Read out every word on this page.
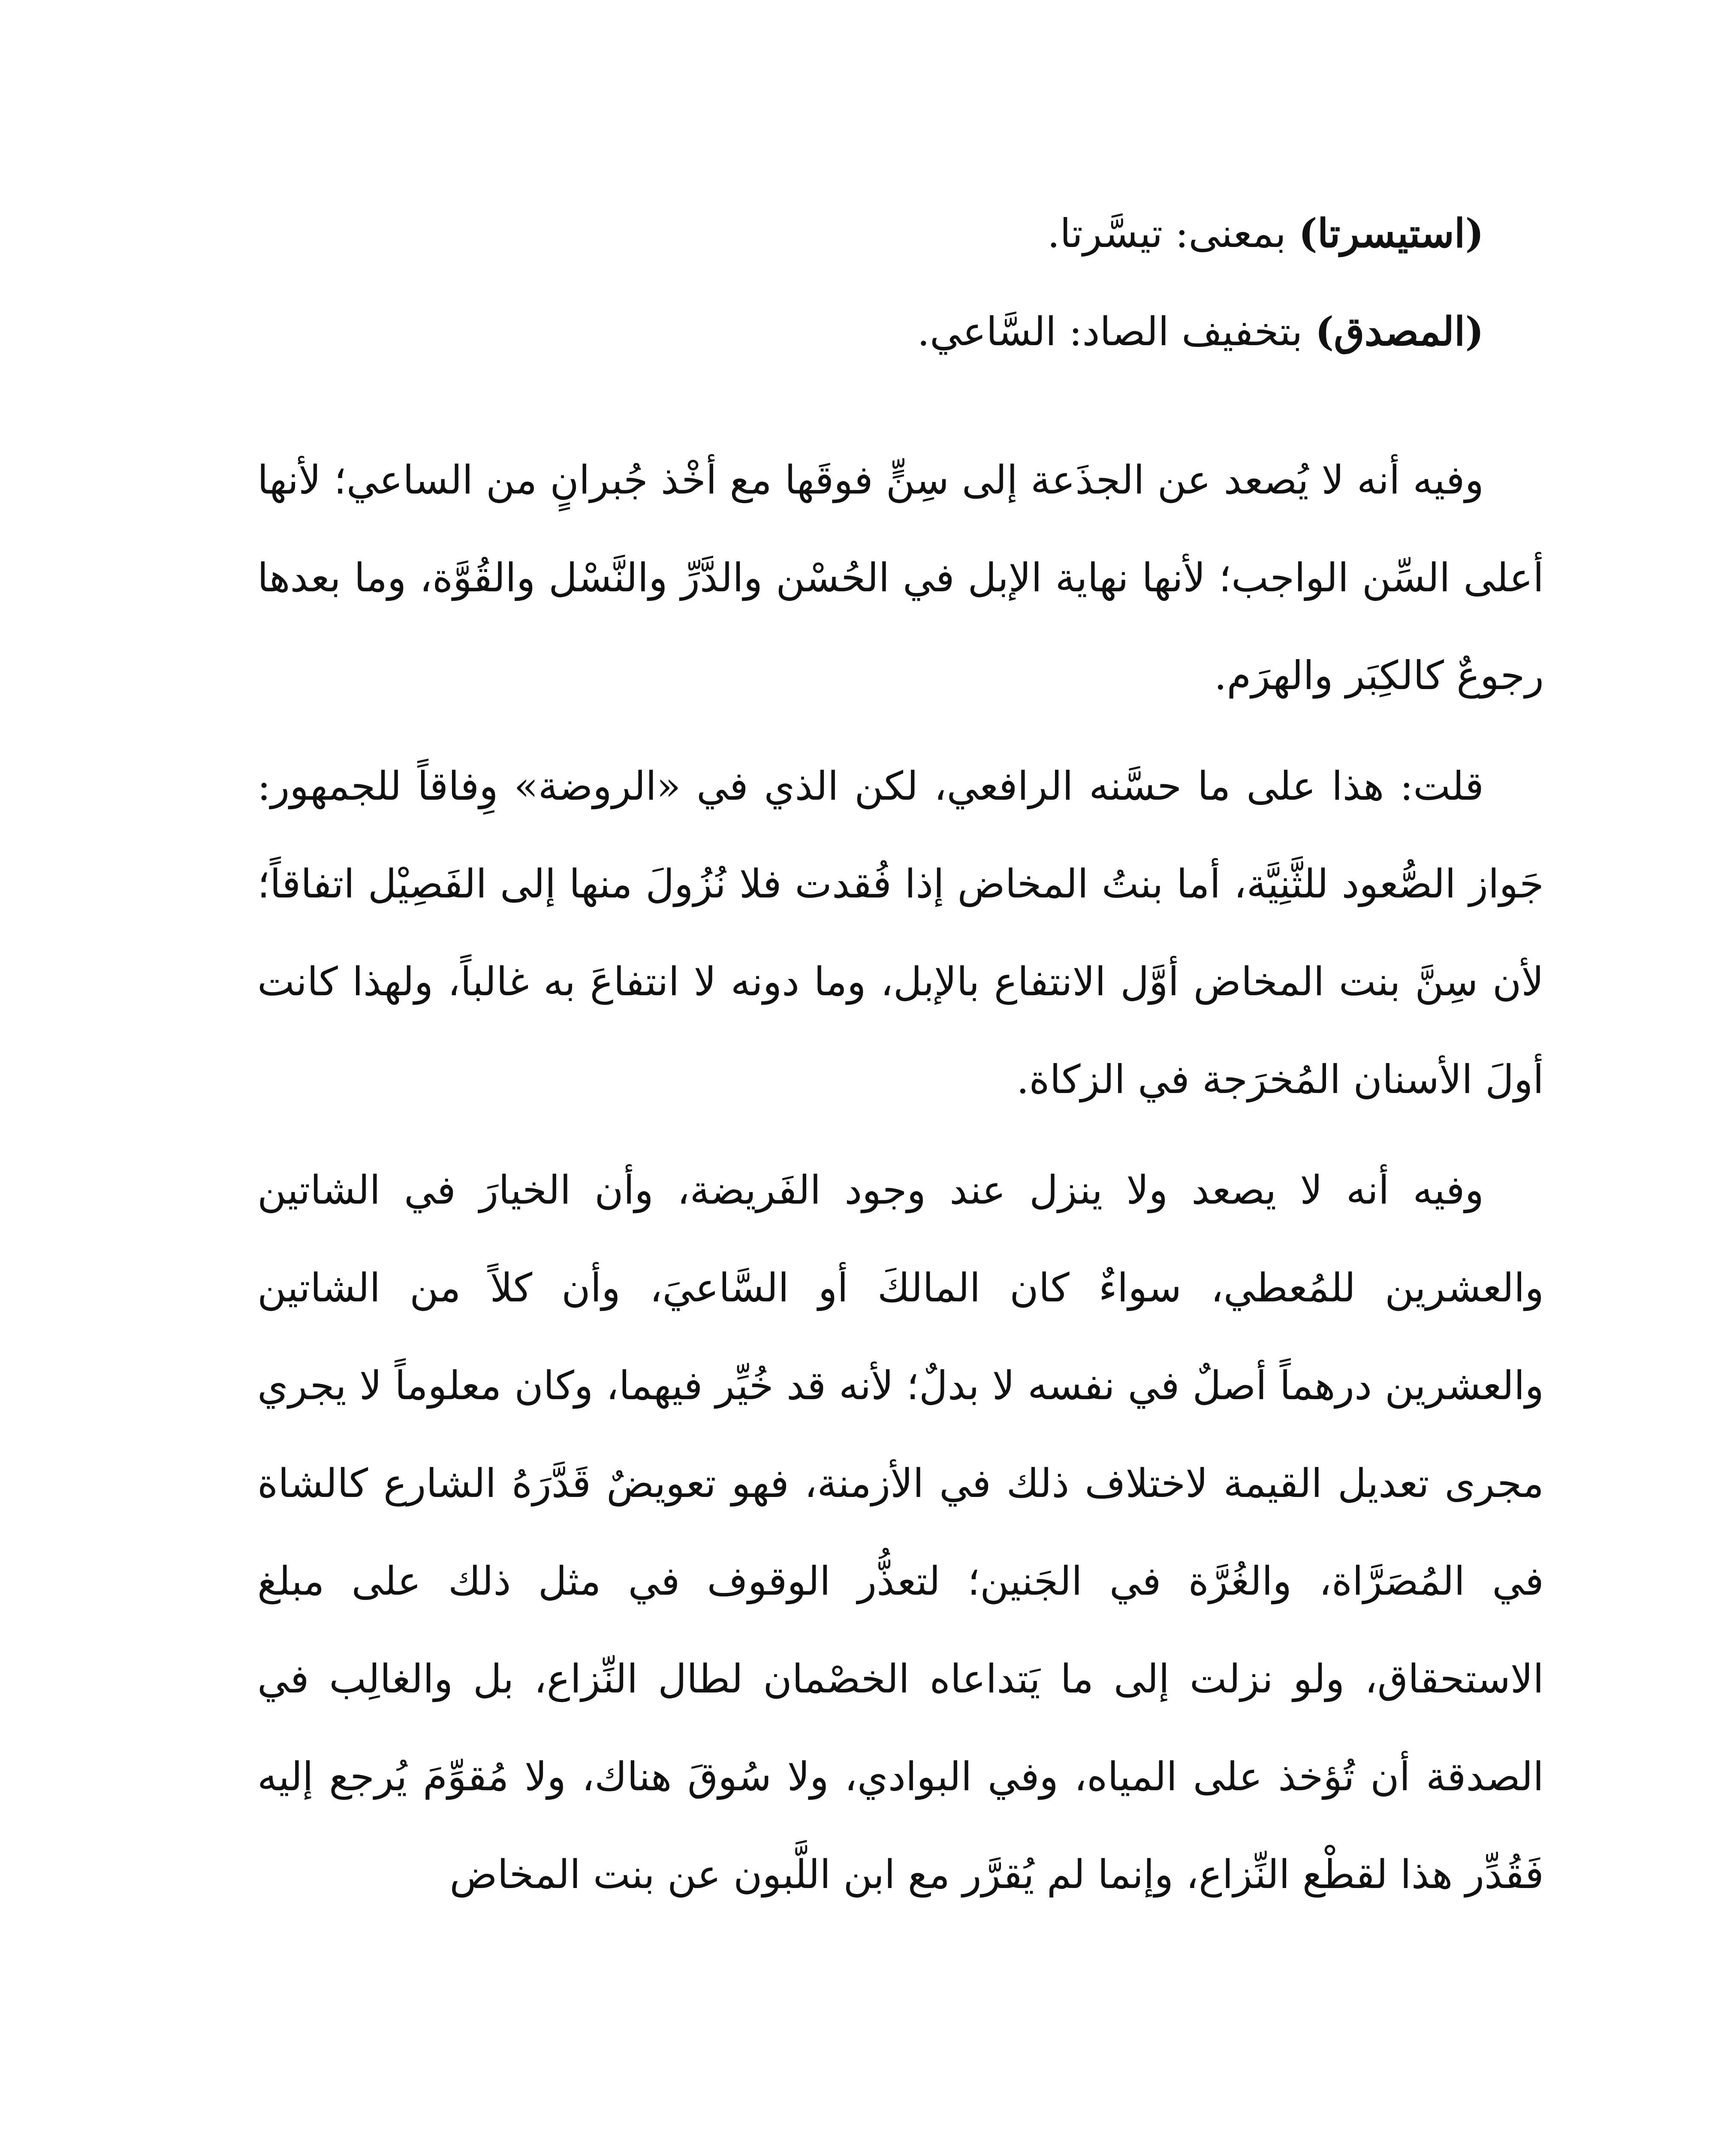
(استيسرتا) بمعنى: تيسَّرتا.

(المصدق) بتخفيف الصاد: السَّاعي.

وفيه أنه لا يُصعد عن الجذَعة إلى سِنٍّ فوقَها مع أخْذ جُبرانٍ من الساعي؛ لأنها أعلى السِّن الواجب؛ لأنها نهاية الإبل في الحُسْن والدَّرِّ والنَّسْل والقُوَّة، وما بعدها رجوعٌ كالكِبَر والهرَم.

قلت: هذا على ما حسَّنه الرافعي، لكن الذي في «الروضة» وِفاقاً للجمهور: جَواز الصُّعود للثَّنِيَّة، أما بنتُ المخاض إذا فُقدت فلا نُزُولَ منها إلى الفَصِيْل اتفاقاً؛ لأن سِنَّ بنت المخاض أوَّل الانتفاع بالإبل، وما دونه لا انتفاعَ به غالباً، ولهذا كانت أولَ الأسنان المُخرَجة في الزكاة.

وفيه أنه لا يصعد ولا ينزل عند وجود الفَريضة، وأن الخيارَ في الشاتين والعشرين للمُعطي، سواءٌ كان المالكَ أو السَّاعيَ، وأن كلاً من الشاتين والعشرين درهماً أصلٌ في نفسه لا بدلٌ؛ لأنه قد خُيِّر فيهما، وكان معلوماً لا يجري مجرى تعديل القيمة لاختلاف ذلك في الأزمنة، فهو تعويضٌ قَدَّرَهُ الشارع كالشاة في المُصَرَّاة، والغُرَّة في الجَنين؛ لتعذُّر الوقوف في مثل ذلك على مبلغ الاستحقاق، ولو نزلت إلى ما يَتداعاه الخصْمان لطال النِّزاع، بل والغالِب في الصدقة أن تُؤخذ على المياه، وفي البوادي، ولا سُوقَ هناك، ولا مُقوِّمَ يُرجع إليه فَقُدِّر هذا لقطْع النِّزاع، وإنما لم يُقرَّر مع ابن اللَّبون عن بنت المخاض
